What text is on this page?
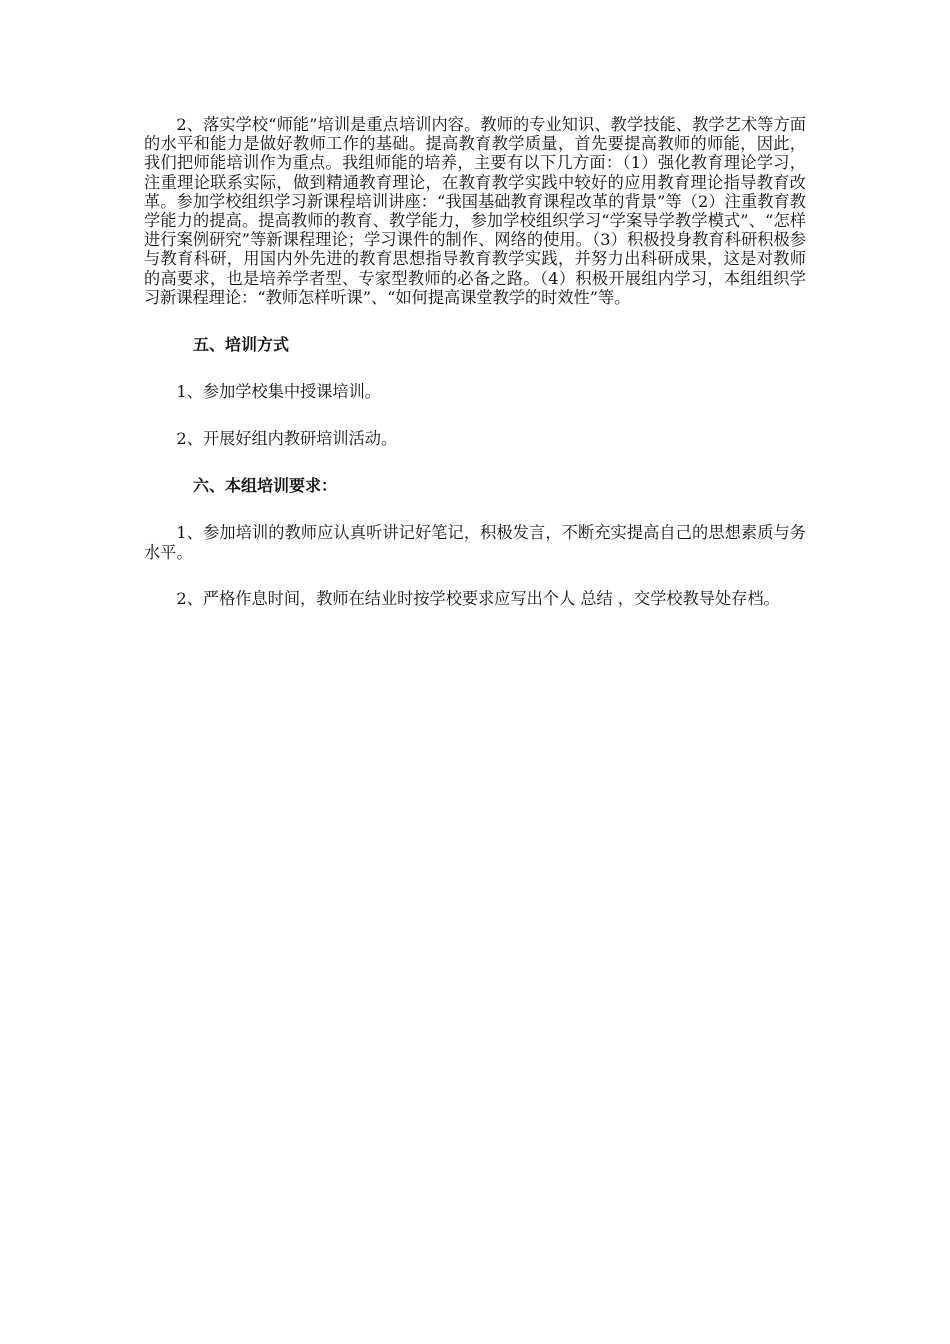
2、落实学校“师能”培训是重点培训内容。教师的专业知识、教学技能、教学艺术等方面的水平和能力是做好教师工作的基础。提高教育教学质量，首先要提高教师的师能，因此，我们把师能培训作为重点。我组师能的培养，主要有以下几方面：（1）强化教育理论学习，注重理论联系实际，做到精通教育理论，在教育教学实践中较好的应用教育理论指导教育改革。参加学校组织学习新课程培训讲座：“我国基础教育课程改革的背景”等（2）注重教育教学能力的提高。提高教师的教育、教学能力，参加学校组织学习“学案导学教学模式”、“怎样进行案例研究”等新课程理论；学习课件的制作、网络的使用。（3）积极投身教育科研积极参与教育科研，用国内外先进的教育思想指导教育教学实践，并努力出科研成果，这是对教师的高要求，也是培养学者型、专家型教师的必备之路。（4）积极开展组内学习，本组组织学习新课程理论：“教师怎样听课”、“如何提高课堂教学的时效性”等。

五、培训方式

1、参加学校集中授课培训。

2、开展好组内教研培训活动。

六、本组培训要求：

1、参加培训的教师应认真听讲记好笔记，积极发言，不断充实提高自己的思想素质与务水平。

2、严格作息时间，教师在结业时按学校要求应写出个人 总结 ，交学校教导处存档。
